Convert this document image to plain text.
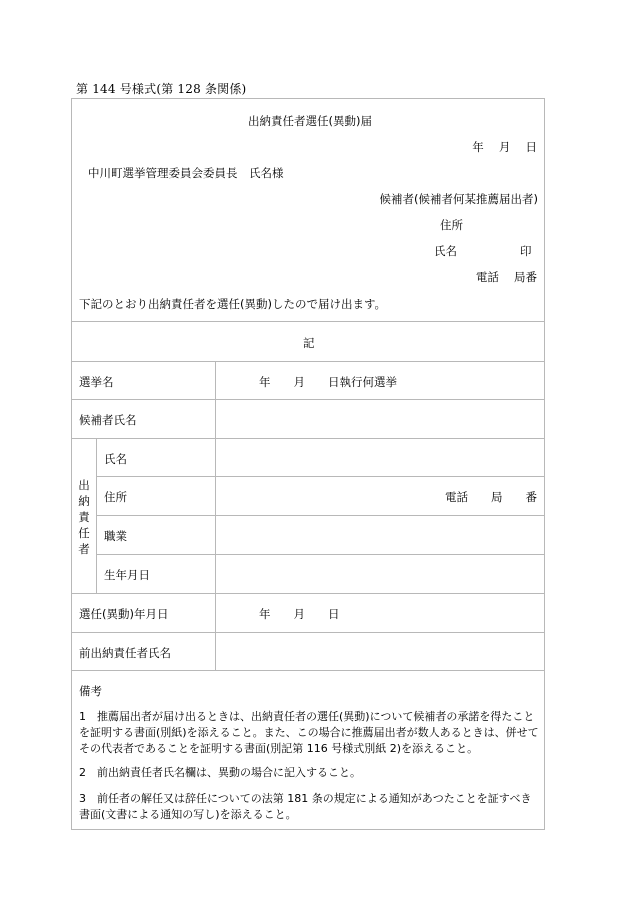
第 144 号様式(第 128 条関係)
出納責任者選任(異動)届
年　 月　 日
中川町選挙管理委員会委員長　氏名様
候補者(候補者何某推薦届出者)
住所
氏名	印
電話　 局番
下記のとおり出納責任者を選任(異動)したので届け出ます。
記
選挙名	年　　月　　日執行何選挙
候補者氏名
出
納
責
任
者
氏名
住所	電話　　局　　番
職業
生年月日
選任(異動)年月日	年　　月　　日
前出納責任者氏名
備考
1　推薦届出者が届け出るときは、出納責任者の選任(異動)について候補者の承諾を得たことを証明する書面(別紙)を添えること。また、この場合に推薦届出者が数人あるときは、併せてその代表者であることを証明する書面(別記第 116 号様式別紙 2)を添えること。
2　前出納責任者氏名欄は、異動の場合に記入すること。
3　前任者の解任又は辞任についての法第 181 条の規定による通知があつたことを証すべき書面(文書による通知の写し)を添えること。
